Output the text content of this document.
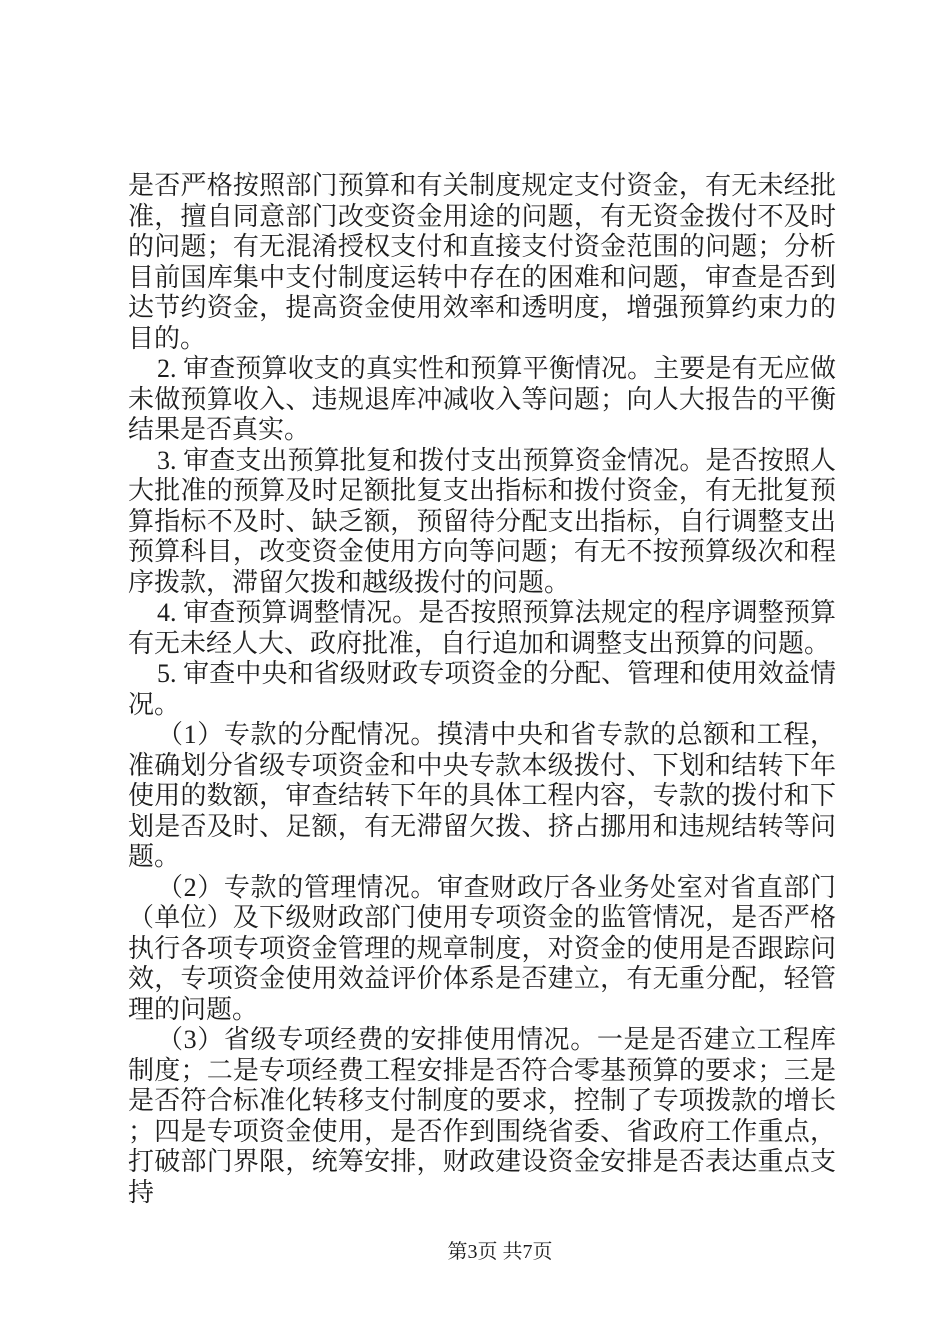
是否严格按照部门预算和有关制度规定支付资金，有无未经批准，擅自同意部门改变资金用途的问题，有无资金拨付不及时的问题；有无混淆授权支付和直接支付资金范围的问题；分析目前国库集中支付制度运转中存在的困难和问题，审查是否到达节约资金，提高资金使用效率和透明度，增强预算约束力的目的。

2. 审查预算收支的真实性和预算平衡情况。主要是有无应做未做预算收入、违规退库冲减收入等问题；向人大报告的平衡结果是否真实。

3. 审查支出预算批复和拨付支出预算资金情况。是否按照人大批准的预算及时足额批复支出指标和拨付资金，有无批复预算指标不及时、缺乏额，预留待分配支出指标，自行调整支出预算科目，改变资金使用方向等问题；有无不按预算级次和程序拨款，滞留欠拨和越级拨付的问题。

4. 审查预算调整情况。是否按照预算法规定的程序调整预算有无未经人大、政府批准，自行追加和调整支出预算的问题。

5. 审查中央和省级财政专项资金的分配、管理和使用效益情况。

（1）专款的分配情况。摸清中央和省专款的总额和工程，准确划分省级专项资金和中央专款本级拨付、下划和结转下年使用的数额，审查结转下年的具体工程内容，专款的拨付和下划是否及时、足额，有无滞留欠拨、挤占挪用和违规结转等问题。

（2）专款的管理情况。审查财政厅各业务处室对省直部门（单位）及下级财政部门使用专项资金的监管情况，是否严格执行各项专项资金管理的规章制度，对资金的使用是否跟踪问效，专项资金使用效益评价体系是否建立，有无重分配，轻管理的问题。

（3）省级专项经费的安排使用情况。一是是否建立工程库制度；二是专项经费工程安排是否符合零基预算的要求；三是是否符合标准化转移支付制度的要求，控制了专项拨款的增长；四是专项资金使用，是否作到围绕省委、省政府工作重点，打破部门界限，统筹安排，财政建设资金安排是否表达重点支持

第3页 共7页
